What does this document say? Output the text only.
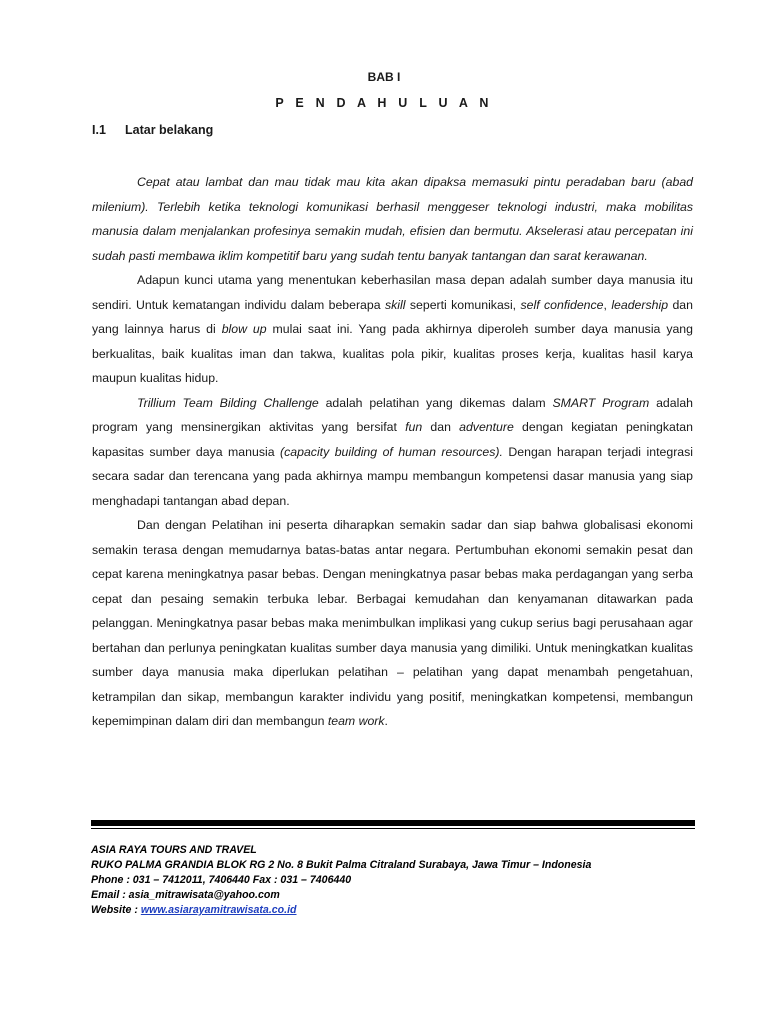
BAB I
P E N D A H U L U A N
I.1 Latar belakang

Cepat atau lambat dan mau tidak mau kita akan dipaksa memasuki pintu peradaban baru (abad milenium). Terlebih ketika teknologi komunikasi berhasil menggeser teknologi industri, maka mobilitas manusia dalam menjalankan profesinya semakin mudah, efisien dan bermutu. Akselerasi atau percepatan ini sudah pasti membawa iklim kompetitif baru yang sudah tentu banyak tantangan dan sarat kerawanan.

Adapun kunci utama yang menentukan keberhasilan masa depan adalah sumber daya manusia itu sendiri. Untuk kematangan individu dalam beberapa skill seperti komunikasi, self confidence, leadership dan yang lainnya harus di blow up mulai saat ini. Yang pada akhirnya diperoleh sumber daya manusia yang berkualitas, baik kualitas iman dan takwa, kualitas pola pikir, kualitas proses kerja, kualitas hasil karya maupun kualitas hidup.

Trillium Team Bilding Challenge adalah pelatihan yang dikemas dalam SMART Program adalah program yang mensinergikan aktivitas yang bersifat fun dan adventure dengan kegiatan peningkatan kapasitas sumber daya manusia (capacity building of human resources). Dengan harapan terjadi integrasi secara sadar dan terencana yang pada akhirnya mampu membangun kompetensi dasar manusia yang siap menghadapi tantangan abad depan.

Dan dengan Pelatihan ini peserta diharapkan semakin sadar dan siap bahwa globalisasi ekonomi semakin terasa dengan memudarnya batas-batas antar negara. Pertumbuhan ekonomi semakin pesat dan cepat karena meningkatnya pasar bebas. Dengan meningkatnya pasar bebas maka perdagangan yang serba cepat dan pesaing semakin terbuka lebar. Berbagai kemudahan dan kenyamanan ditawarkan pada pelanggan. Meningkatnya pasar bebas maka menimbulkan implikasi yang cukup serius bagi perusahaan agar bertahan dan perlunya peningkatan kualitas sumber daya manusia yang dimiliki. Untuk meningkatkan kualitas sumber daya manusia maka diperlukan pelatihan – pelatihan yang dapat menambah pengetahuan, ketrampilan dan sikap, membangun karakter individu yang positif, meningkatkan kompetensi, membangun kepemimpinan dalam diri dan membangun team work.

ASIA RAYA TOURS AND TRAVEL
RUKO PALMA GRANDIA BLOK RG 2 No. 8 Bukit Palma Citraland Surabaya, Jawa Timur – Indonesia
Phone : 031 – 7412011, 7406440 Fax : 031 – 7406440
Email : asia_mitrawisata@yahoo.com
Website : www.asiarayamitrawisata.co.id
